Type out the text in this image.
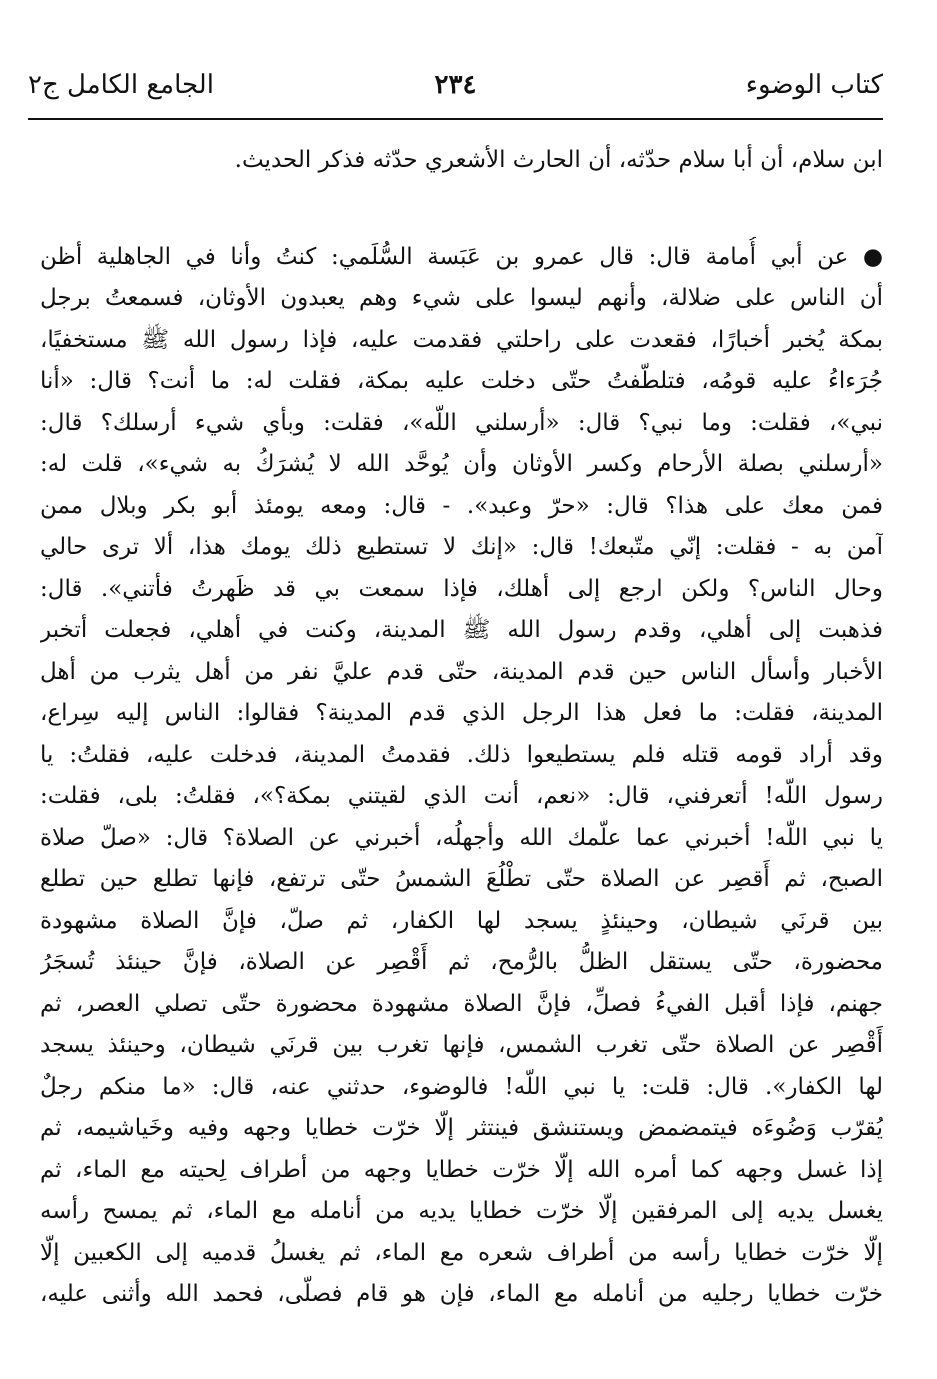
كتاب الوضوء
٢٣٤
الجامع الكامل ج٢
ابن سلام، أن أبا سلام حدّثه، أن الحارث الأشعري حدّثه فذكر الحديث.
● عن أبي أُمامة قال: قال عمرو بن عَبَسة السُّلَمي: كنتُ وأنا في الجاهلية أظن
أن الناس على ضلالة، وأنهم ليسوا على شيء وهم يعبدون الأوثان، فسمعتُ برجل
بمكة يُخبر أخبارًا، فقعدت على راحلتي فقدمت عليه، فإذا رسول الله ﷺ مستخفيًا،
جُرَءاءُ عليه قومُه، فتلطّفتُ حتّى دخلت عليه بمكة، فقلت له: ما أنت؟ قال: «أنا
نبي»، فقلت: وما نبي؟ قال: «أرسلني اللّه»، فقلت: وبأي شيء أرسلك؟ قال:
«أرسلني بصلة الأرحام وكسر الأوثان وأن يُوحَّد الله لا يُشرَكُ به شيء»، قلت له:
فمن معك على هذا؟ قال: «حرّ وعبد». - قال: ومعه يومئذ أبو بكر وبلال ممن
آمن به - فقلت: إنّي متّبعك! قال: «إنك لا تستطيع ذلك يومك هذا، ألا ترى حالي
وحال الناس؟ ولكن ارجع إلى أهلك، فإذا سمعت بي قد ظَهرتُ فأتني». قال:
فذهبت إلى أهلي، وقدم رسول الله ﷺ المدينة، وكنت في أهلي، فجعلت أتخبر
الأخبار وأسأل الناس حين قدم المدينة، حتّى قدم عليَّ نفر من أهل يثرب من أهل
المدينة، فقلت: ما فعل هذا الرجل الذي قدم المدينة؟ فقالوا: الناس إليه سِراع،
وقد أراد قومه قتله فلم يستطيعوا ذلك. فقدمتُ المدينة، فدخلت عليه، فقلتُ: يا
رسول اللّه! أتعرفني، قال: «نعم، أنت الذي لقيتني بمكة؟»، فقلتُ: بلى، فقلت:
يا نبي اللّه! أخبرني عما علّمك الله وأجهلُه، أخبرني عن الصلاة؟ قال: «صلّ صلاة
الصبح، ثم أَقصِر عن الصلاة حتّى تطْلُعَ الشمسُ حتّى ترتفع، فإنها تطلع حين تطلع
بين قرنَي شيطان، وحينئذٍ يسجد لها الكفار، ثم صلّ، فإنَّ الصلاة مشهودة
محضورة، حتّى يستقل الظلُّ بالرُّمح، ثم أَقْصِر عن الصلاة، فإنَّ حينئذ تُسجَرُ
جهنم، فإذا أقبل الفيءُ فصلِّ، فإنَّ الصلاة مشهودة محضورة حتّى تصلي العصر، ثم
أَقْصِر عن الصلاة حتّى تغرب الشمس، فإنها تغرب بين قرنَي شيطان، وحينئذ يسجد
لها الكفار». قال: قلت: يا نبي اللّه! فالوضوء، حدثني عنه، قال: «ما منكم رجلٌ
يُقرّب وَضُوءَه فيتمضمض ويستنشق فينتثر إلّا خرّت خطايا وجهه وفيه وخَياشيمه، ثم
إذا غسل وجهه كما أمره الله إلّا خرّت خطايا وجهه من أطراف لِحيته مع الماء، ثم
يغسل يديه إلى المرفقين إلّا خرّت خطايا يديه من أنامله مع الماء، ثم يمسح رأسه
إلّا خرّت خطايا رأسه من أطراف شعره مع الماء، ثم يغسلُ قدميه إلى الكعبين إلّا
خرّت خطايا رجليه من أنامله مع الماء، فإن هو قام فصلّى، فحمد الله وأثنى عليه،
